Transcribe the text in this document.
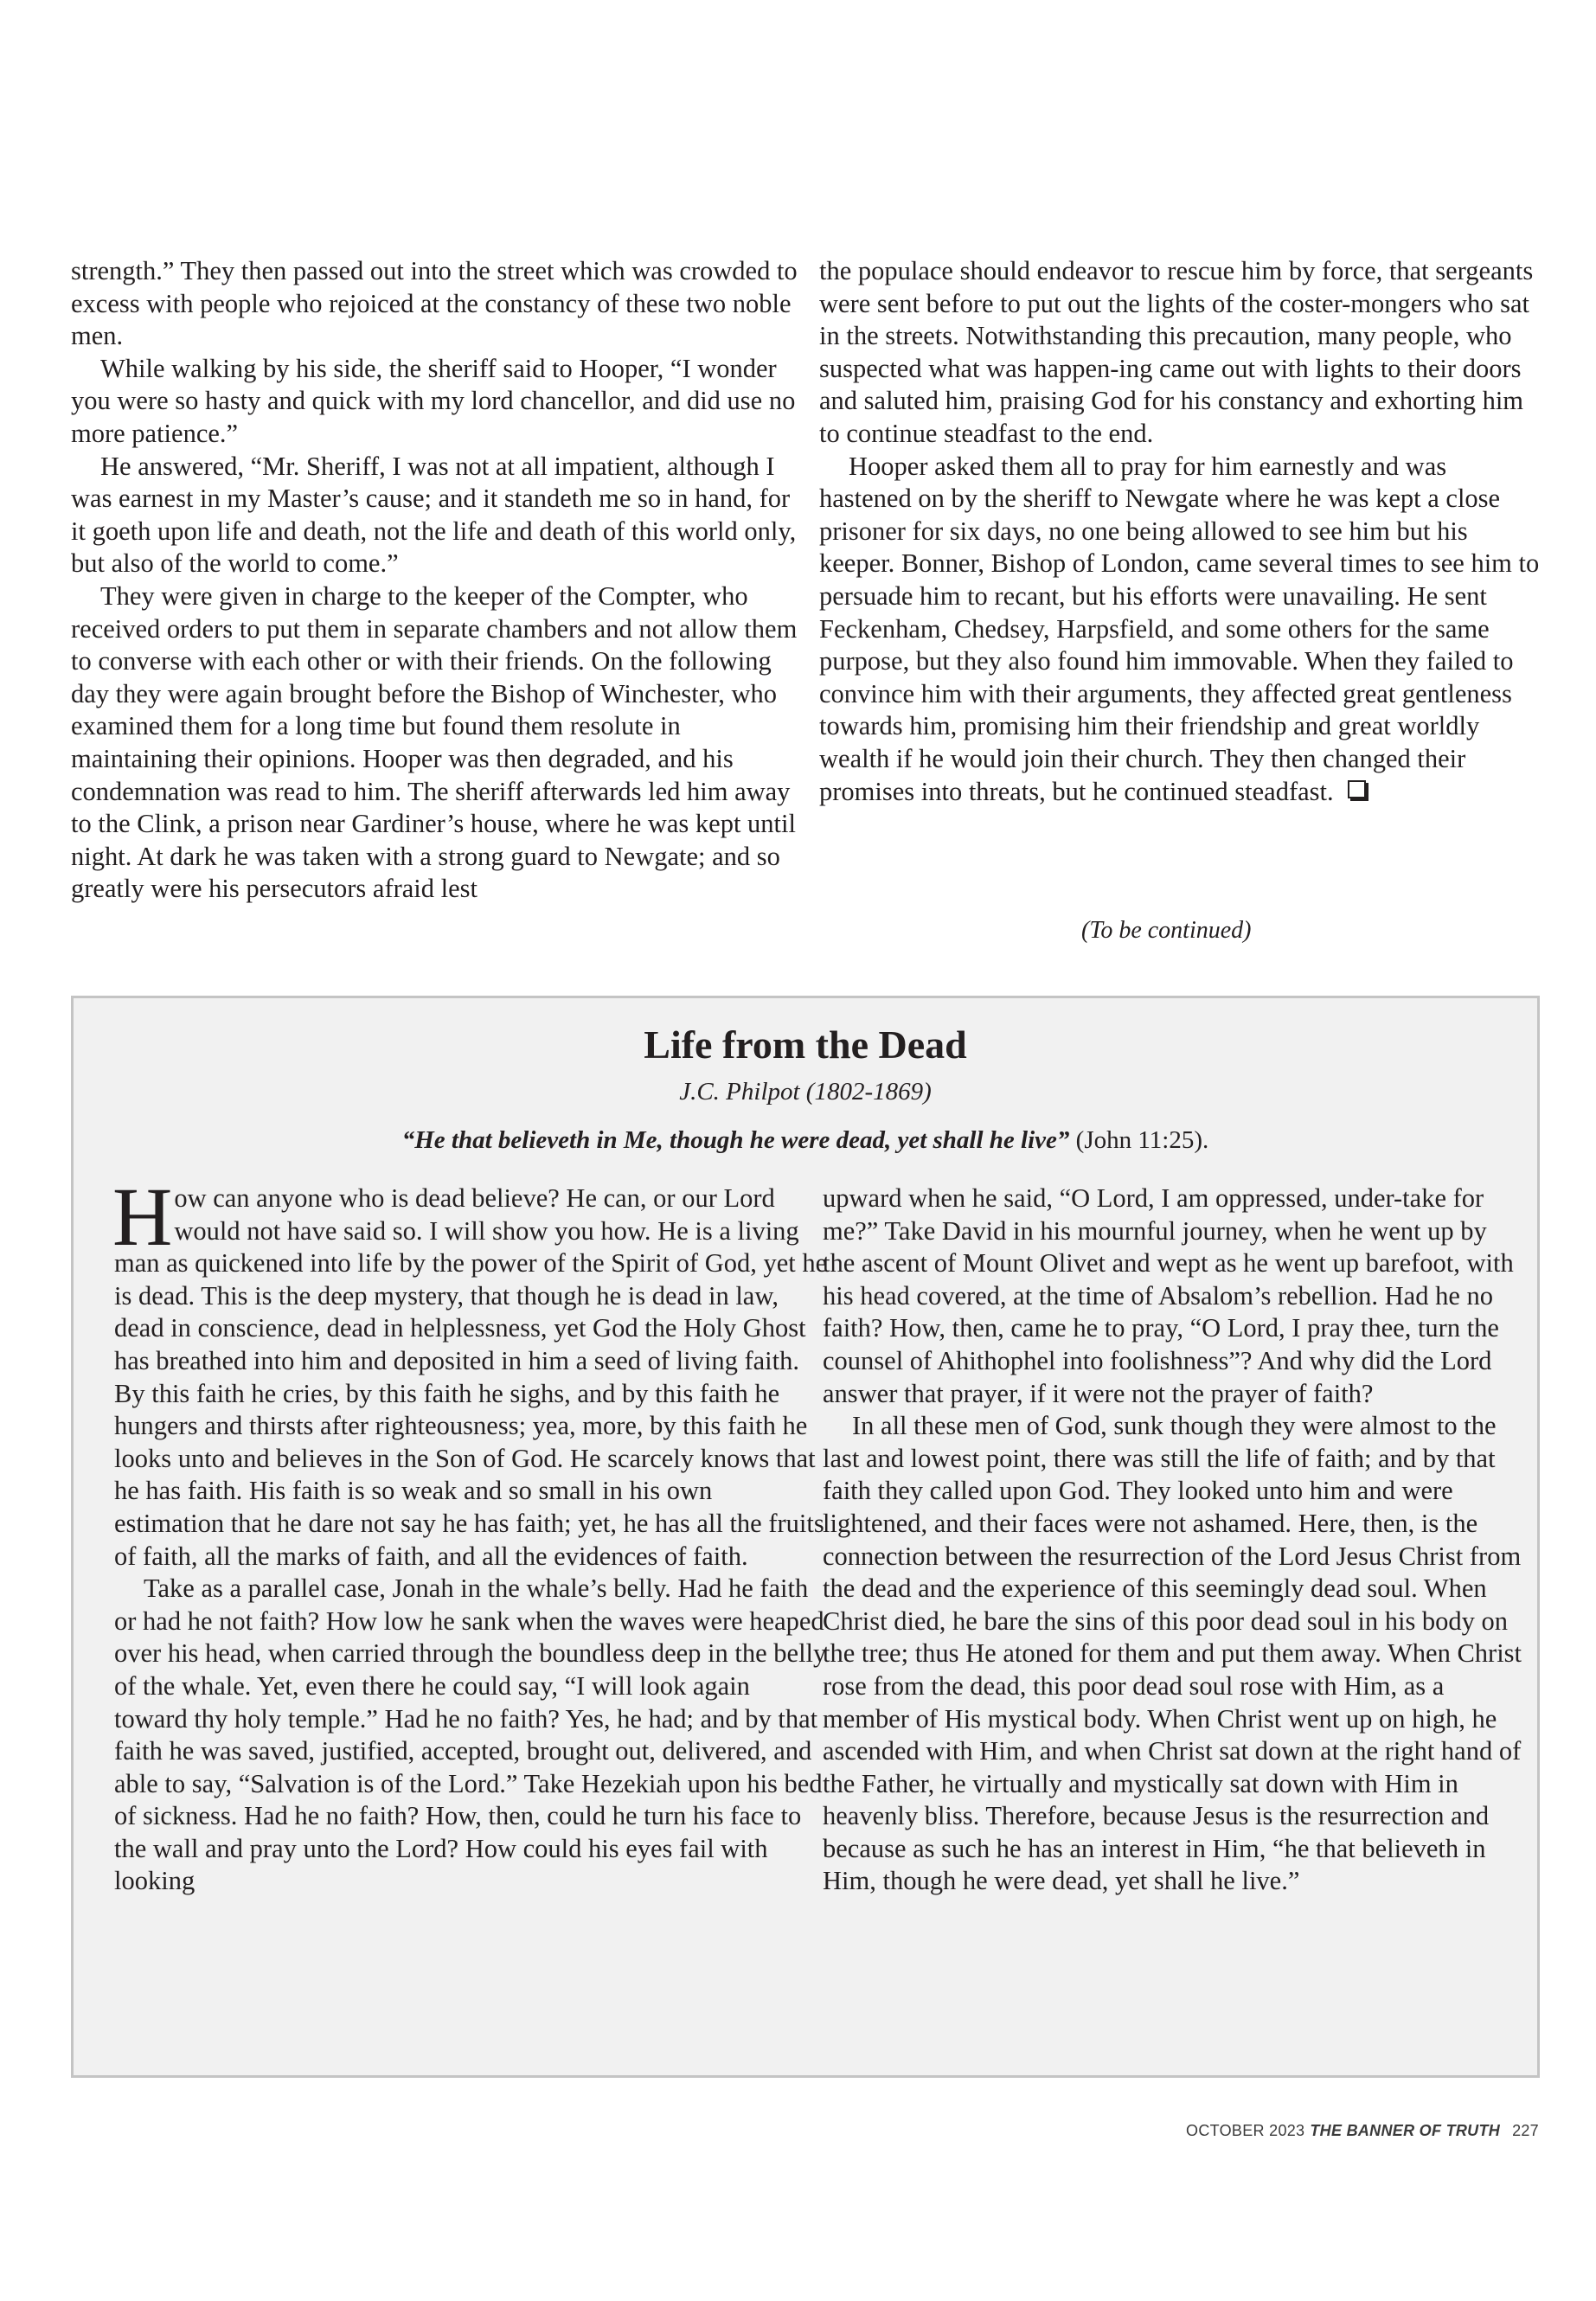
strength.” They then passed out into the street which was crowded to excess with people who rejoiced at the constancy of these two noble men.

While walking by his side, the sheriff said to Hooper, “I wonder you were so hasty and quick with my lord chancellor, and did use no more patience.”

He answered, “Mr. Sheriff, I was not at all impatient, although I was earnest in my Master’s cause; and it standeth me so in hand, for it goeth upon life and death, not the life and death of this world only, but also of the world to come.”

They were given in charge to the keeper of the Compter, who received orders to put them in separate chambers and not allow them to converse with each other or with their friends. On the following day they were again brought before the Bishop of Winchester, who examined them for a long time but found them resolute in maintaining their opinions. Hooper was then degraded, and his condemnation was read to him. The sheriff afterwards led him away to the Clink, a prison near Gardiner’s house, where he was kept until night. At dark he was taken with a strong guard to Newgate; and so greatly were his persecutors afraid lest

the populace should endeavor to rescue him by force, that sergeants were sent before to put out the lights of the coster-mongers who sat in the streets. Notwithstanding this precaution, many people, who suspected what was happen-ing came out with lights to their doors and saluted him, praising God for his constancy and exhorting him to continue steadfast to the end.

Hooper asked them all to pray for him earnestly and was hastened on by the sheriff to Newgate where he was kept a close prisoner for six days, no one being allowed to see him but his keeper. Bonner, Bishop of London, came several times to see him to persuade him to recant, but his efforts were unavailing. He sent Feckenham, Chedsey, Harpsfield, and some others for the same purpose, but they also found him immovable. When they failed to convince him with their arguments, they affected great gentleness towards him, promising him their friendship and great worldly wealth if he would join their church. They then changed their promises into threats, but he continued steadfast.

(To be continued)
Life from the Dead
J.C. Philpot (1802-1869)
“He that believeth in Me, though he were dead, yet shall he live” (John 11:25).

How can anyone who is dead believe? He can, or our Lord would not have said so. I will show you how. He is a living man as quickened into life by the power of the Spirit of God, yet he is dead. This is the deep mystery, that though he is dead in law, dead in conscience, dead in helplessness, yet God the Holy Ghost has breathed into him and deposited in him a seed of living faith. By this faith he cries, by this faith he sighs, and by this faith he hungers and thirsts after righteousness; yea, more, by this faith he looks unto and believes in the Son of God. He scarcely knows that he has faith. His faith is so weak and so small in his own estimation that he dare not say he has faith; yet, he has all the fruits of faith, all the marks of faith, and all the evidences of faith.

Take as a parallel case, Jonah in the whale’s belly. Had he faith or had he not faith? How low he sank when the waves were heaped over his head, when carried through the boundless deep in the belly of the whale. Yet, even there he could say, “I will look again toward thy holy temple.” Had he no faith? Yes, he had; and by that faith he was saved, justified, accepted, brought out, delivered, and able to say, “Salvation is of the Lord.” Take Hezekiah upon his bed of sickness. Had he no faith? How, then, could he turn his face to the wall and pray unto the Lord? How could his eyes fail with looking

upward when he said, “O Lord, I am oppressed, under-take for me?” Take David in his mournful journey, when he went up by the ascent of Mount Olivet and wept as he went up barefoot, with his head covered, at the time of Absalom’s rebellion. Had he no faith? How, then, came he to pray, “O Lord, I pray thee, turn the counsel of Ahithophel into foolishness”? And why did the Lord answer that prayer, if it were not the prayer of faith?

In all these men of God, sunk though they were almost to the last and lowest point, there was still the life of faith; and by that faith they called upon God. They looked unto him and were lightened, and their faces were not ashamed. Here, then, is the connection between the resurrection of the Lord Jesus Christ from the dead and the experience of this seemingly dead soul. When Christ died, he bare the sins of this poor dead soul in his body on the tree; thus He atoned for them and put them away. When Christ rose from the dead, this poor dead soul rose with Him, as a member of His mystical body. When Christ went up on high, he ascended with Him, and when Christ sat down at the right hand of the Father, he virtually and mystically sat down with Him in heavenly bliss. Therefore, because Jesus is the resurrection and because as such he has an interest in Him, “he that believeth in Him, though he were dead, yet shall he live.”

OCTOBER 2023 THE BANNER OF TRUTH 227
